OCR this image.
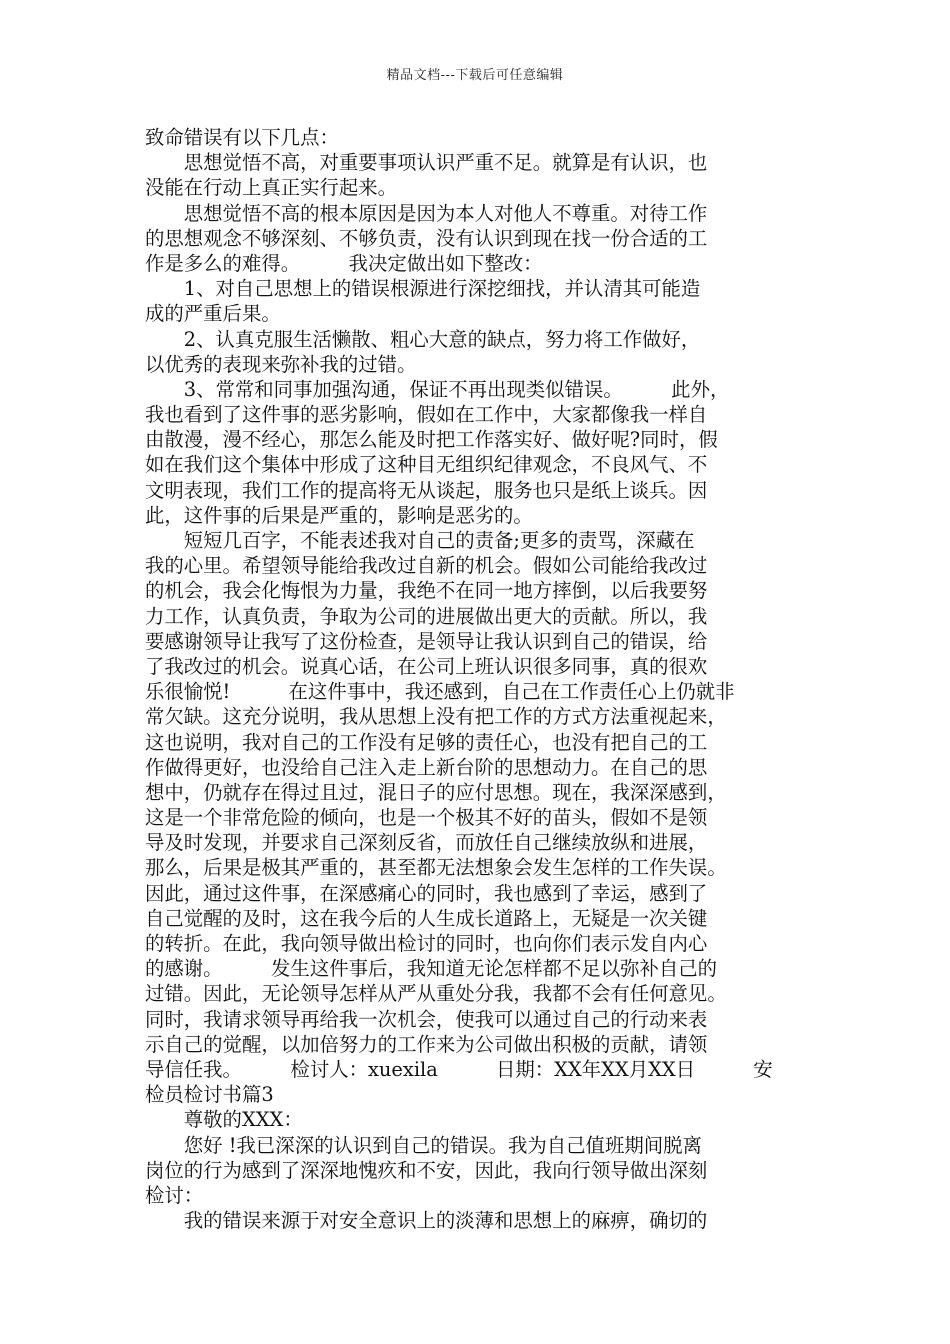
精品文档---下载后可任意编辑
致命错误有以下几点：
　　思想觉悟不高，对重要事项认识严重不足。就算是有认识，也
没能在行动上真正实行起来。
　　思想觉悟不高的根本原因是因为本人对他人不尊重。对待工作
的思想观念不够深刻、不够负责，没有认识到现在找一份合适的工
作是多么的难得。　　　我决定做出如下整改：
　　1、对自己思想上的错误根源进行深挖细找，并认清其可能造
成的严重后果。
　　2、认真克服生活懒散、粗心大意的缺点，努力将工作做好，
以优秀的表现来弥补我的过错。
　　3、常常和同事加强沟通，保证不再出现类似错误。　　　此外，
我也看到了这件事的恶劣影响，假如在工作中，大家都像我一样自
由散漫，漫不经心，那怎么能及时把工作落实好、做好呢?同时，假
如在我们这个集体中形成了这种目无组织纪律观念，不良风气、不
文明表现，我们工作的提高将无从谈起，服务也只是纸上谈兵。因
此，这件事的后果是严重的，影响是恶劣的。
　　短短几百字，不能表述我对自己的责备;更多的责骂，深藏在
我的心里。希望领导能给我改过自新的机会。假如公司能给我改过
的机会，我会化悔恨为力量，我绝不在同一地方摔倒，以后我要努
力工作，认真负责，争取为公司的进展做出更大的贡献。所以，我
要感谢领导让我写了这份检查，是领导让我认识到自己的错误，给
了我改过的机会。说真心话，在公司上班认识很多同事，真的很欢
乐很愉悦!　　　在这件事中，我还感到，自己在工作责任心上仍就非
常欠缺。这充分说明，我从思想上没有把工作的方式方法重视起来，
这也说明，我对自己的工作没有足够的责任心，也没有把自己的工
作做得更好，也没给自己注入走上新台阶的思想动力。在自己的思
想中，仍就存在得过且过，混日子的应付思想。现在，我深深感到，
这是一个非常危险的倾向，也是一个极其不好的苗头，假如不是领
导及时发现，并要求自己深刻反省，而放任自己继续放纵和进展，
那么，后果是极其严重的，甚至都无法想象会发生怎样的工作失误。
因此，通过这件事，在深感痛心的同时，我也感到了幸运，感到了
自己觉醒的及时，这在我今后的人生成长道路上，无疑是一次关键
的转折。在此，我向领导做出检讨的同时，也向你们表示发自内心
的感谢。　　　发生这件事后，我知道无论怎样都不足以弥补自己的
过错。因此，无论领导怎样从严从重处分我，我都不会有任何意见。
同时，我请求领导再给我一次机会，使我可以通过自己的行动来表
示自己的觉醒，以加倍努力的工作来为公司做出积极的贡献，请领
导信任我。　　　检讨人：xuexila　　　日期：XX年XX月XX日　　　安
检员检讨书篇3
　　尊敬的XXX：
　　您好 !我已深深的认识到自己的错误。我为自己值班期间脱离
岗位的行为感到了深深地愧疚和不安，因此，我向行领导做出深刻
检讨：
　　我的错误来源于对安全意识上的淡薄和思想上的麻痹，确切的
